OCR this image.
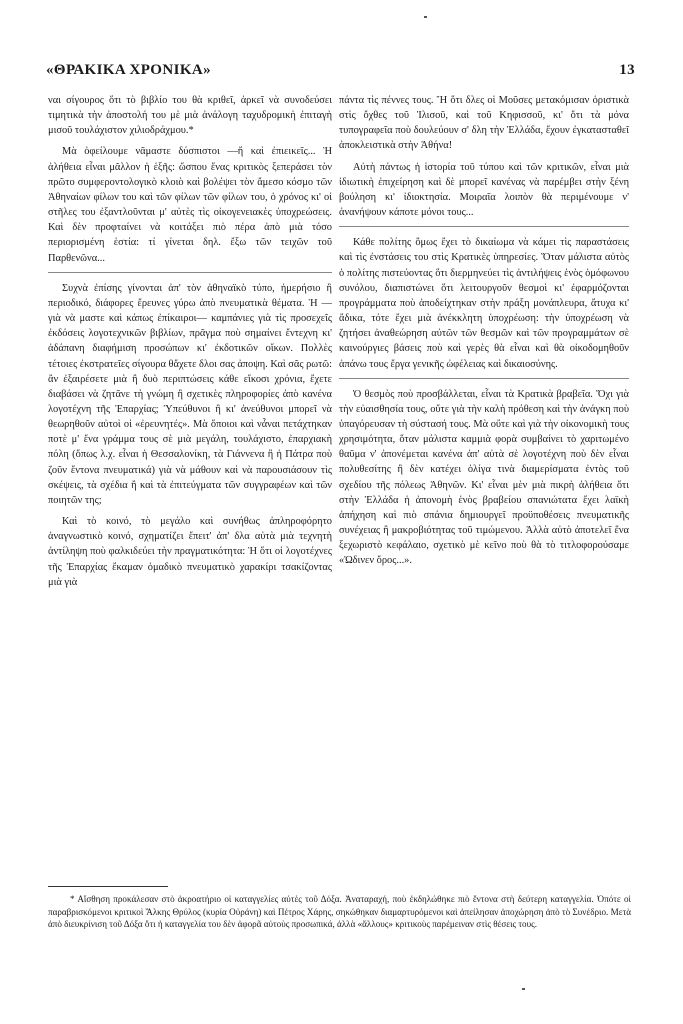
«ΘΡΑΚΙΚΑ ΧΡΟΝΙΚΑ»	13

ναι σίγουρος ὅτι τὸ βιβλίο του θὰ κριθεῖ, ἀρκεῖ νὰ συνοδεύσει τιμητικὰ τὴν ἀποστολή του μὲ μιὰ ἀνάλογη ταχυδρομικὴ ἐπιταγὴ μισοῦ τουλάχιστον χιλιοδράχμου.*

Μὰ ὀφείλουμε νᾶμαστε δύσπιστοι —ἤ καὶ ἐπιεικεῖς... Ἡ ἀλήθεια εἶναι μᾶλλον ἡ ἑξῆς: ὥσπου ἕνας κριτικὸς ξεπεράσει τὸν πρῶτο συμφεροντολογικὸ κλοιὸ καὶ βολέψει τὸν ἄμεσο κόσμο τῶν Ἀθηναίων φίλων του καὶ τῶν φίλων τῶν φίλων του, ὁ χρόνος κι' οἱ στῆλες του ἐξαντλοῦνται μ' αὐτὲς τὶς οἰκογενειακὲς ὑποχρεώσεις. Καὶ δὲν προφταίνει νὰ κοιτάξει πιὸ πέρα ἀπὸ μιὰ τόσο περιορισμένη ἑστία: τί γίνεται δηλ. ἔξω τῶν τειχῶν τοῦ Παρθενῶνα...

Συχνὰ ἐπίσης γίνονται ἀπ' τὸν ἀθηναϊκὸ τύπο, ἡμερήσιο ἢ περιοδικό, διάφορες ἔρευνες γύρω ἀπὸ πνευματικὰ θέματα. Ἡ —γιὰ νὰ μαστε καὶ κάπως ἐπίκαιροι— καμπάνιες γιὰ τὶς προσεχεῖς ἐκδόσεις λογοτεχνικῶν βιβλίων, πρᾶγμα ποὺ σημαίνει ἔντεχνη κι' ἀδάπανη διαφήμιση προσώπων κι' ἐκδοτικῶν οἴκων. Πολλὲς τέτοιες ἐκστρατεῖες σίγουρα θἄχετε δλοι σας ἀποψη. Καὶ σᾶς ρωτῶ: ἂν ἐξαιρέσετε μιὰ ἢ δυὸ περιπτώσεις κάθε εἴκοσι χρόνια, ἔχετε διαβάσει νὰ ζητᾶνε τὴ γνώμη ἢ σχετικὲς πληροφορίες ἀπὸ κανένα λογοτέχνη τῆς Ἐπαρχίας; Ὑπεύθυνοι ἢ κι' ἀνεύθυνοι μπορεῖ νὰ θεωρηθοῦν αὐτοὶ οἱ «ἐρευνητές». Μὰ ὅποιοι καὶ νἆναι πετάχτηκαν ποτὲ μ' ἕνα γράμμα τους σὲ μιὰ μεγάλη, τουλάχιστο, ἐπαρχιακὴ πόλη (ὅπως λ.χ. εἶναι ἡ Θεσσαλονίκη, τὰ Γιάννενα ἢ ἡ Πάτρα ποὺ ζοῦν ἔντονα πνευματικά) γιὰ νὰ μάθουν καὶ νὰ παρουσιάσουν τὶς σκέψεις, τὰ σχέδια ἢ καὶ τὰ ἐπιτεύγματα τῶν συγγραφέων καὶ τῶν ποιητῶν της;

Καὶ τὸ κοινό, τὸ μεγάλο καὶ συνήθως ἀπληροφόρητο ἀναγνωστικὸ κοινό, σχηματίζει ἔπειτ' ἀπ' δλα αὐτὰ μιὰ τεχνητὴ ἀντίληψη ποὺ φαλκιδεύει τὴν πραγματικότητα: Ἡ ὅτι οἱ λογοτέχνες τῆς Ἐπαρχίας ἔκαμαν ὁμαδικὸ πνευματικὸ χαρακίρι τσακίζοντας μιὰ γιὰ

πάντα τὶς πέννες τους. Ἤ ὅτι δλες οἱ Μοῦσες μετακόμισαν ὁριστικὰ στὶς ὄχθες τοῦ Ἰλισοῦ, καὶ τοῦ Κηφισσοῦ, κι' ὅτι τὰ μόνα τυπογραφεῖα ποὺ δουλεύουν σ' δλη τὴν Ἑλλάδα, ἔχουν ἐγκατασταθεῖ ἀποκλειστικὰ στὴν Ἀθήνα!

Αὐτὴ πάντως ἡ ἱστορία τοῦ τύπου καὶ τῶν κριτικῶν, εἶναι μιὰ ἰδιωτικὴ ἐπιχείρηση καὶ δὲ μπορεῖ κανένας νὰ παρέμβει στὴν ξένη βούληση κι' ἰδιοκτησία. Μοιραῖα λοιπὸν θὰ περιμένουμε ν' ἀνανήψουν κάποτε μόνοι τους...

Κάθε πολίτης ὅμως ἔχει τὸ δικαίωμα νὰ κάμει τὶς παραστάσεις καὶ τὶς ἐνστάσεις του στὶς Κρατικὲς ὑπηρεσίες. Ὅταν μάλιστα αὐτὸς ὁ πολίτης πιστεύοντας ὅτι διερμηνεύει τὶς ἀντιλήψεις ἑνὸς ὁμόφωνου συνόλου, διαπιστώνει ὅτι λειτουργοῦν θεσμοὶ κι' ἐφαρμόζονται προγράμματα ποὺ ἀποδείχτηκαν στὴν πράξη μονάπλευρα, ἄτυχα κι' ἄδικα, τότε ἔχει μιὰ ἀνέκκλητη ὑποχρέωση: τὴν ὑποχρέωση νὰ ζητήσει ἀναθεώρηση αὐτῶν τῶν θεσμῶν καὶ τῶν προγραμμάτων σὲ καινούργιες βάσεις ποὺ καὶ γερὲς θὰ εἶναι καὶ θὰ οἰκοδομηθοῦν ἀπάνω τους ἔργα γενικῆς ὠφέλειας καὶ δικαιοσύνης.

Ὁ θεσμὸς ποὺ προσβάλλεται, εἶναι τὰ Κρατικὰ βραβεῖα. Ὄχι γιὰ τὴν εὐαισθησία τους, οὔτε γιὰ τὴν καλὴ πρόθεση καὶ τὴν ἀνάγκη ποὺ ὑπαγόρευσαν τὴ σύστασή τους. Μὰ οὔτε καὶ γιὰ τὴν οἰκονομικὴ τους χρησιμότητα, ὅταν μάλιστα καμμιὰ φορὰ συμβαίνει τὸ χαριτωμένο θαῦμα ν' ἀπονέμεται κανένα ἀπ' αὐτὰ σὲ λογοτέχνη ποὺ δὲν εἶναι πολυθεσίτης ἢ δὲν κατέχει ὀλίγα τινὰ διαμερίσματα ἐντὸς τοῦ σχεδίου τῆς πόλεως Ἀθηνῶν. Κι' εἶναι μὲν μιὰ πικρὴ ἀλήθεια ὅτι στὴν Ἑλλάδα ἡ ἀπονομὴ ἑνὸς βραβείου σπανιώτατα ἔχει λαϊκὴ ἀπήχηση καὶ πιὸ σπάνια δημιουργεῖ προϋποθέσεις πνευματικῆς συνέχειας ἢ μακροβιότητας τοῦ τιμώμενου. Ἀλλὰ αὐτὸ ἀποτελεῖ ἕνα ξεχωριστὸ κεφάλαιο, σχετικὸ μὲ κεῖνο ποὺ θὰ τὸ τιτλοφορούσαμε «Ὠδινεν ὄρος...».

* Αἴσθηση προκάλεσαν στὸ ἀκροατήριο οἱ καταγγελίες αὐτὲς τοῦ Δόξα. Ἀναταραχή, ποὺ ἐκδηλώθηκε πιὸ ἔντονα στὴ δεύτερη καταγγελία. Ὁπότε οἱ παραβρισκόμενοι κριτικοὶ Ἄλκης Θρύλος (κυρία Οὐράνη) καὶ Πέτρος Χάρης, σηκώθηκαν διαμαρτυρόμενοι καὶ ἀπείλησαν ἀποχώρηση ἀπὸ τὸ Συνέδριο. Μετὰ ἀπὸ διευκρίνιση τοῦ Δόξα ὅτι ἡ καταγγελία του δὲν ἀφορᾶ αὐτοὺς προσωπικά, ἀλλὰ «ἄλλους» κριτικοὺς παρέμειναν στὶς θέσεις τους.
